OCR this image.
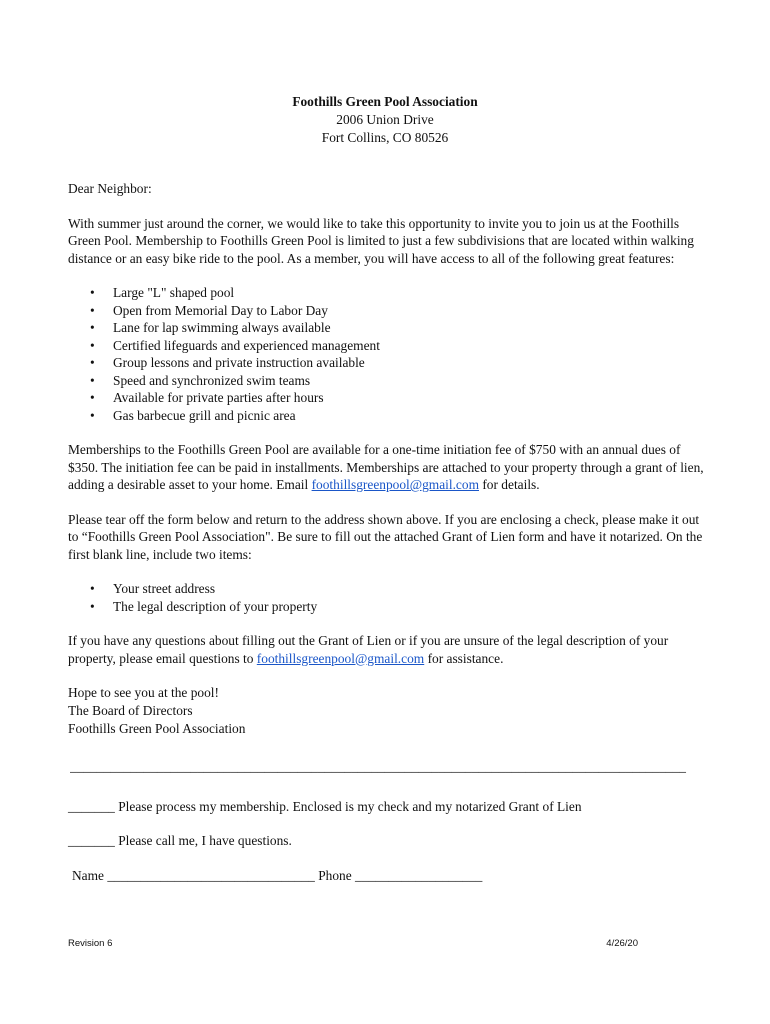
Foothills Green Pool Association
2006 Union Drive
Fort Collins, CO 80526

Dear Neighbor:

With summer just around the corner, we would like to take this opportunity to invite you to join us at the Foothills Green Pool. Membership to Foothills Green Pool is limited to just a few subdivisions that are located within walking distance or an easy bike ride to the pool. As a member, you will have access to all of the following great features:

• Large "L" shaped pool
• Open from Memorial Day to Labor Day
• Lane for lap swimming always available
• Certified lifeguards and experienced management
• Group lessons and private instruction available
• Speed and synchronized swim teams
• Available for private parties after hours
• Gas barbecue grill and picnic area

Memberships to the Foothills Green Pool are available for a one-time initiation fee of $750 with an annual dues of $350. The initiation fee can be paid in installments. Memberships are attached to your property through a grant of lien, adding a desirable asset to your home. Email foothillsgreenpool@gmail.com for details.

Please tear off the form below and return to the address shown above. If you are enclosing a check, please make it out to “Foothills Green Pool Association". Be sure to fill out the attached Grant of Lien form and have it notarized. On the first blank line, include two items:

• Your street address
• The legal description of your property

If you have any questions about filling out the Grant of Lien or if you are unsure of the legal description of your property, please email questions to foothillsgreenpool@gmail.com for assistance.

Hope to see you at the pool!
The Board of Directors
Foothills Green Pool Association
____________________________________________________________________________________________

_______ Please process my membership. Enclosed is my check and my notarized Grant of Lien

_______ Please call me, I have questions.

Name _______________________________ Phone ___________________

Revision 6	4/26/20
